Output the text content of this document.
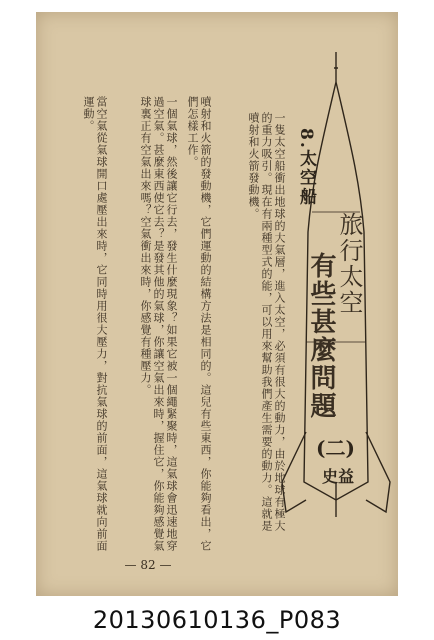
旅行太空
有些甚麼問題
(二)
史益
8.太空船
一隻太空船衝出地球的大氣層，進入太空，必須有很大的動力，由於地球有極大的重力吸引。現在有兩種型式的能，可以用來幫助我們產生需要的動力。這就是噴射和火箭發動機。
噴射和火箭的發動機，它們運動的結構方法是相同的。這兒有些東西，你能夠看出，它們怎樣工作。
一個氣球，然後讓它行去，發生什麼現象？如果它被一個繩緊聚時，這氣球會迅速地穿過空氣。甚麼東西使它去？是發其他的氣球，你讓空氣出來時，握住它，你能夠感覺氣球裏正有空氣出來嗎？空氣衝出來時，你感覺有種壓力。
當空氣從氣球開口處壓出來時，它同時用很大壓力，對抗氣球的前面，這氣球就向前面運動。
— 82 —
20130610136_P083
